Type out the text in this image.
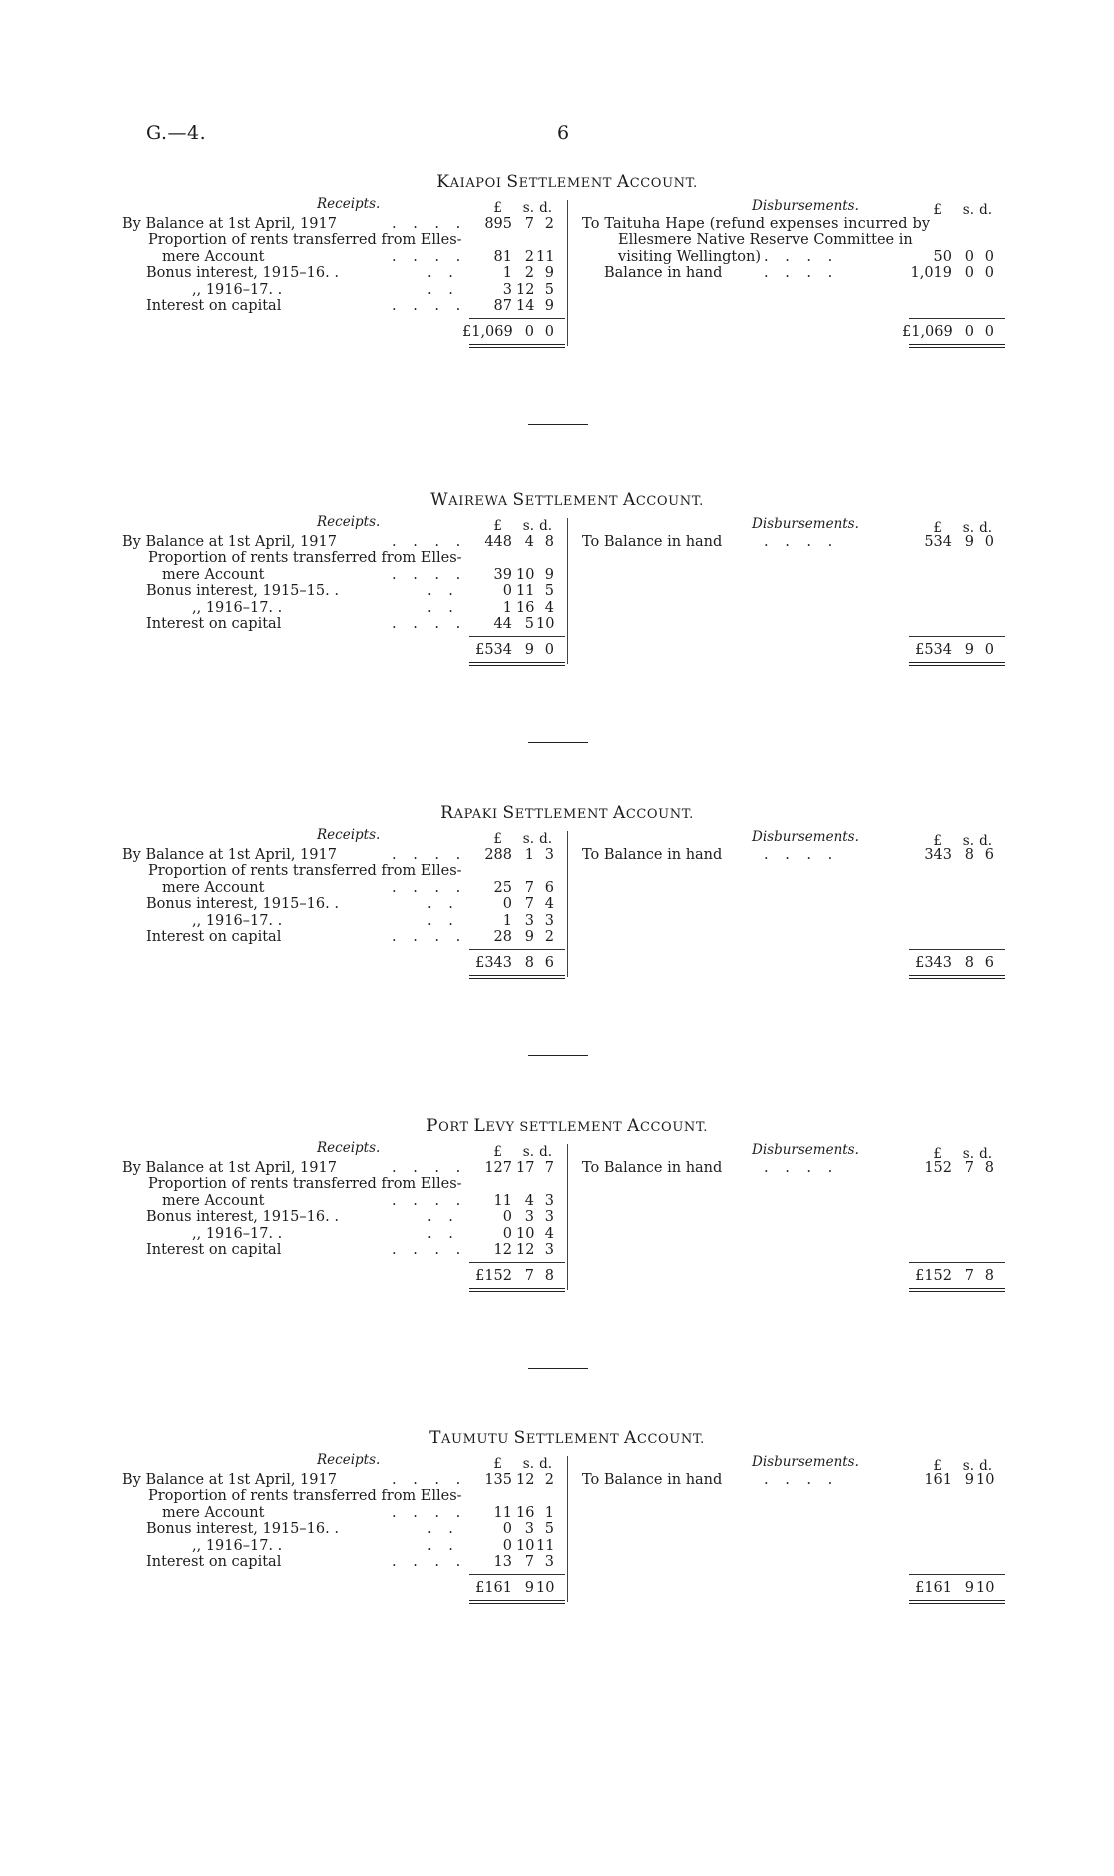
G.—4.	6
KAIAPOI SETTLEMENT ACCOUNT.
Receipts.	Disbursements.
£	s. d.	£	s. d.
By Balance at 1st April, 1917	. . . .	895 7 2
Proportion of rents transferred from Elles-
mere Account	. . . .	81 2 11
Bonus interest, 1915–16. .	. .	1 2 9
,, 1916–17. .	. .	3 12 5
Interest on capital	. . . .	87 14 9
To Taituha Hape (refund expenses incurred by
Ellesmere Native Reserve Committee in
visiting Wellington) . . . .	50 0 0
Balance in hand	. . . .	1,019 0 0
£1,069 0 0	£1,069 0 0
WAIREWA SETTLEMENT ACCOUNT.
Receipts.	Disbursements.
£	s. d.	£	s. d.
By Balance at 1st April, 1917	. . . .	448 4 8
Proportion of rents transferred from Elles-
mere Account	. . . .	39 10 9
Bonus interest, 1915–15. .	. .	0 11 5
,, 1916–17. .	. .	1 16 4
Interest on capital	. . . .	44 5 10
To Balance in hand	. . . .	534 9 0
£534 9 0	£534 9 0
RAPAKI SETTLEMENT ACCOUNT.
Receipts.	Disbursements.
£	s. d.	£	s. d.
By Balance at 1st April, 1917	. . . .	288 1 3
Proportion of rents transferred from Elles-
mere Account	. . . .	25 7 6
Bonus interest, 1915–16. .	. .	0 7 4
,, 1916–17. .	. .	1 3 3
Interest on capital	. . . .	28 9 2
To Balance in hand	. . . .	343 8 6
£343 8 6	£343 8 6
PORT LEVY SETTLEMENT ACCOUNT.
Receipts.	Disbursements.
£	s. d.	£	s. d.
By Balance at 1st April, 1917	. . . .	127 17 7
Proportion of rents transferred from Elles-
mere Account	. . . .	11 4 3
Bonus interest, 1915–16. .	. .	0 3 3
,, 1916–17. .	. .	0 10 4
Interest on capital	. . . .	12 12 3
To Balance in hand	. . . .	152 7 8
£152 7 8	£152 7 8
TAUMUTU SETTLEMENT ACCOUNT.
Receipts.	Disbursements.
£	s. d.	£	s. d.
By Balance at 1st April, 1917	. . . .	135 12 2
Proportion of rents transferred from Elles-
mere Account	. . . .	11 16 1
Bonus interest, 1915–16. .	. .	0 3 5
,, 1916–17. .	. .	0 10 11
Interest on capital	. . . .	13 7 3
To Balance in hand	. . . .	161 9 10
£161 9 10	£161 9 10
